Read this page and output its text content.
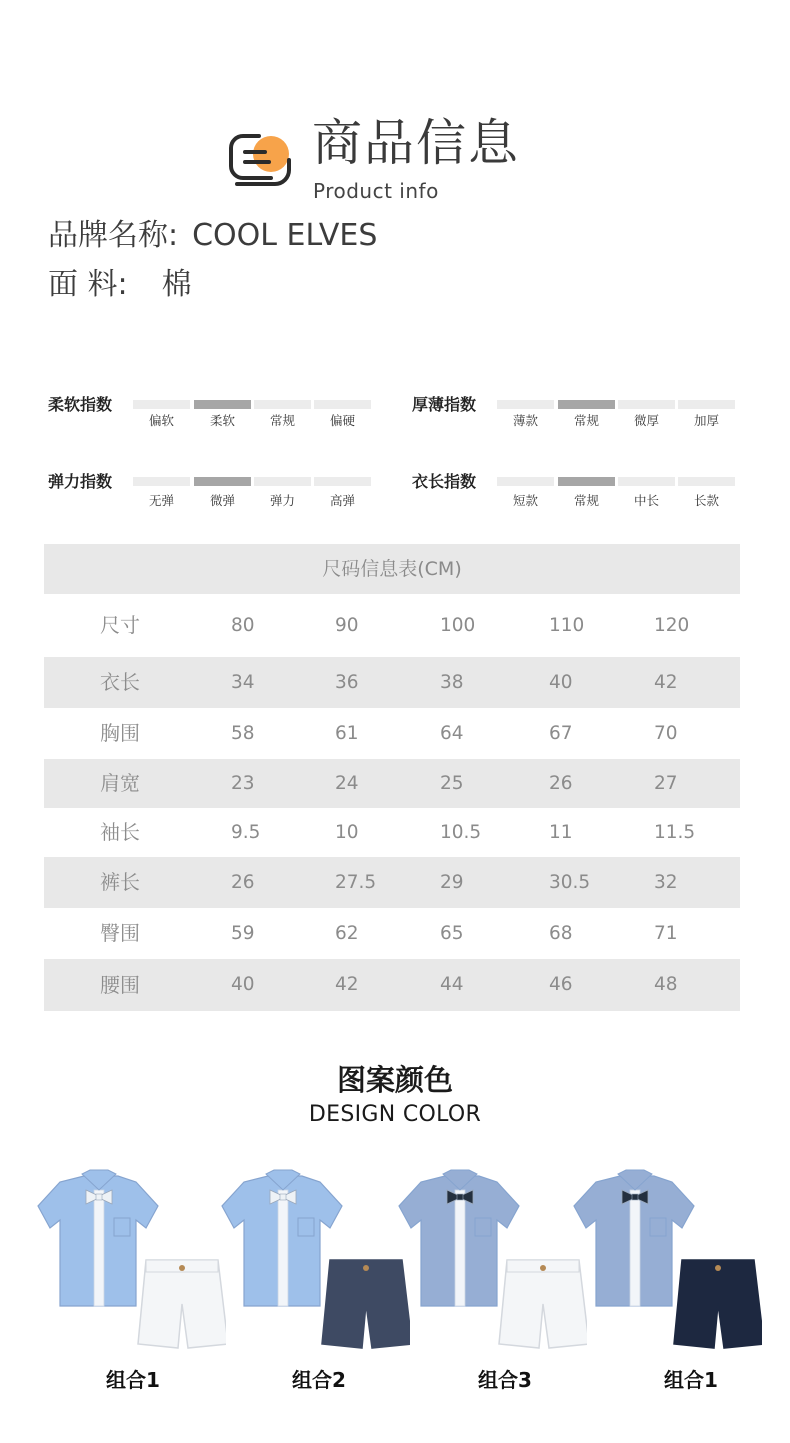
商品信息
Product info
品牌名称: COOL ELVES
面 料: 棉
柔软指数
偏软	柔软	常规	偏硬
厚薄指数
薄款	常规	微厚	加厚
弹力指数
无弹	微弹	弹力	高弹
衣长指数
短款	常规	中长	长款
尺码信息表(CM)
尺寸	80	90	100	110	120
衣长	34	36	38	40	42
胸围	58	61	64	67	70
肩宽	23	24	25	26	27
袖长	9.5	10	10.5	11	11.5
裤长	26	27.5	29	30.5	32
臀围	59	62	65	68	71
腰围	40	42	44	46	48
图案颜色
DESIGN COLOR
组合1	组合2	组合3	组合1
